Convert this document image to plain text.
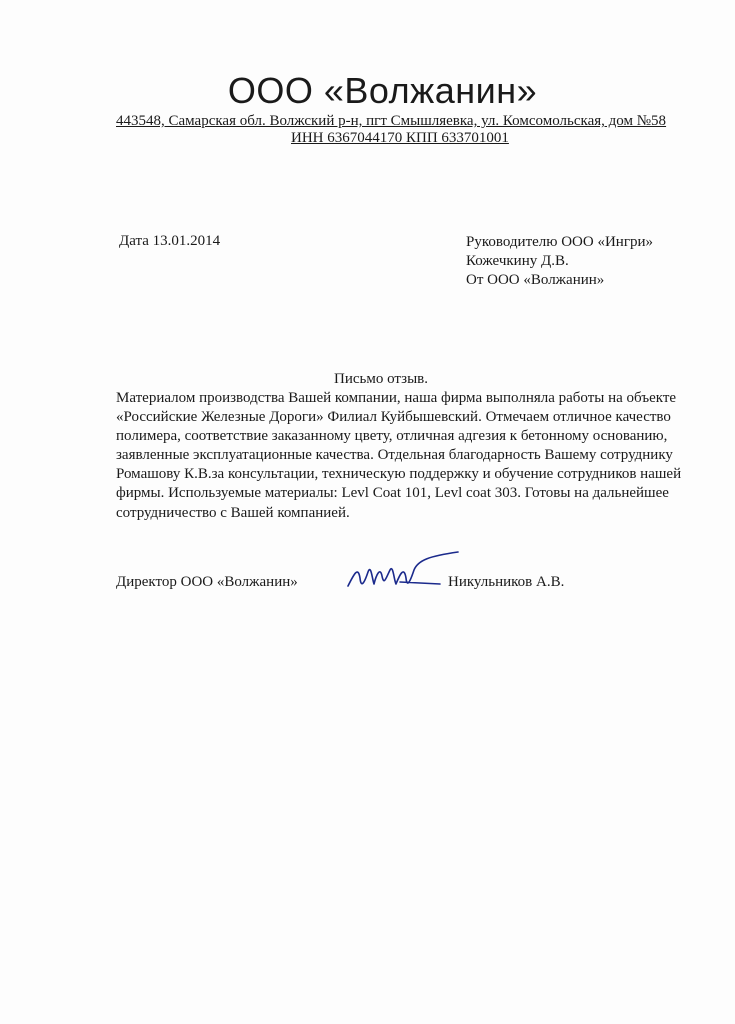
ООО «Волжанин»
443548, Самарская обл. Волжский р-н, пгт Смышляевка, ул. Комсомольская, дом №58
ИНН 6367044170 КПП 633701001
Дата 13.01.2014	Руководителю ООО «Ингри»
Кожечкину Д.В.
От ООО «Волжанин»
Письмо отзыв.
Материалом производства Вашей компании, наша фирма выполняла работы на объекте
«Российские Железные Дороги» Филиал Куйбышевский. Отмечаем отличное качество
полимера, соответствие заказанному цвету, отличная адгезия к бетонному основанию,
заявленные эксплуатационные качества. Отдельная благодарность Вашему сотруднику
Ромашову К.В.за консультации, техническую поддержку и обучение сотрудников нашей
фирмы. Используемые материалы: Levl Coat 101, Levl coat 303. Готовы на дальнейшее
сотрудничество с Вашей компанией.
Директор ООО «Волжанин»	Никульников А.В.
